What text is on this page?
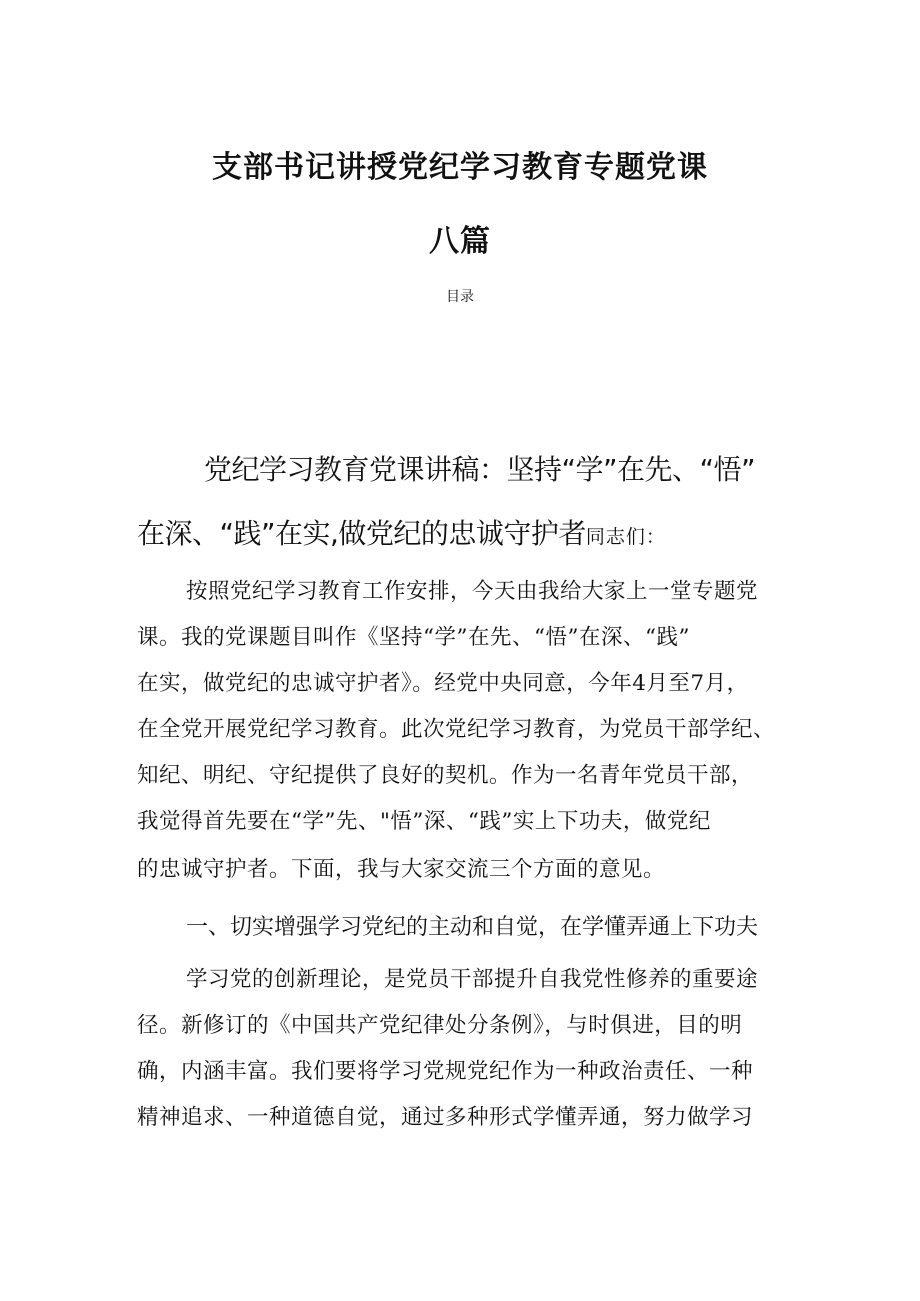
支部书记讲授党纪学习教育专题党课
八篇
目录
党纪学习教育党课讲稿：坚持“学”在先、“悟”
在深、“践”在实,做党纪的忠诚守护者同志们：
按照党纪学习教育工作安排，今天由我给大家上一堂专题党
课。我的党课题目叫作《坚持“学”在先、“悟”在深、“践”
在实，做党纪的忠诚守护者》。经党中央同意，今年4月至7月，
在全党开展党纪学习教育。此次党纪学习教育，为党员干部学纪、
知纪、明纪、守纪提供了良好的契机。作为一名青年党员干部，
我觉得首先要在“学”先、"悟”深、“践”实上下功夫，做党纪
的忠诚守护者。下面，我与大家交流三个方面的意见。
一、切实增强学习党纪的主动和自觉，在学懂弄通上下功夫
学习党的创新理论，是党员干部提升自我党性修养的重要途
径。新修订的《中国共产党纪律处分条例》，与时俱进，目的明
确，内涵丰富。我们要将学习党规党纪作为一种政治责任、一种
精神追求、一种道德自觉，通过多种形式学懂弄通，努力做学习
